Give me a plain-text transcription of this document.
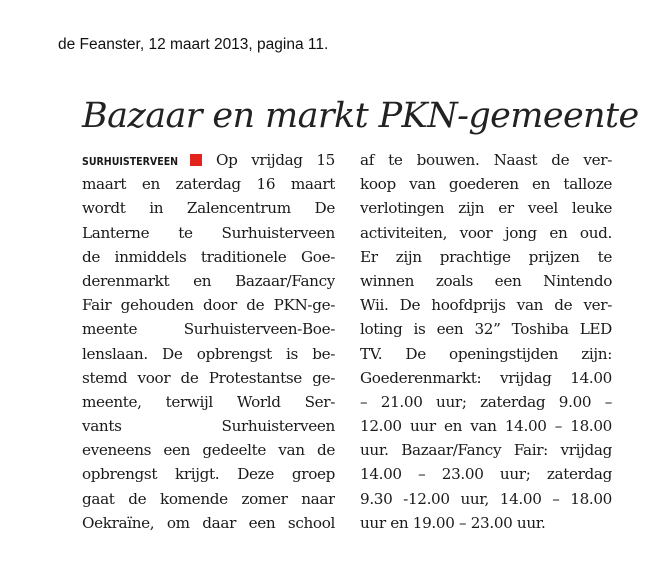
de Feanster, 12 maart 2013, pagina 11.
Bazaar en markt PKN-gemeente
SURHUISTERVEEN Op vrijdag 15
maart en zaterdag 16 maart
wordt in Zalencentrum De
Lanterne te Surhuisterveen
de inmiddels traditionele Goe-
derenmarkt en Bazaar/Fancy
Fair gehouden door de PKN-ge-
meente Surhuisterveen-Boe-
lenslaan. De opbrengst is be-
stemd voor de Protestantse ge-
meente, terwijl World Ser-
vants Surhuisterveen
eveneens een gedeelte van de
opbrengst krijgt. Deze groep
gaat de komende zomer naar
Oekraïne, om daar een school
af te bouwen. Naast de ver-
koop van goederen en talloze
verlotingen zijn er veel leuke
activiteiten, voor jong en oud.
Er zijn prachtige prijzen te
winnen zoals een Nintendo
Wii. De hoofdprijs van de ver-
loting is een 32” Toshiba LED
TV. De openingstijden zijn:
Goederenmarkt: vrijdag 14.00
– 21.00 uur; zaterdag 9.00 –
12.00 uur en van 14.00 – 18.00
uur. Bazaar/Fancy Fair: vrijdag
14.00 – 23.00 uur; zaterdag
9.30 -12.00 uur, 14.00 – 18.00
uur en 19.00 – 23.00 uur.
